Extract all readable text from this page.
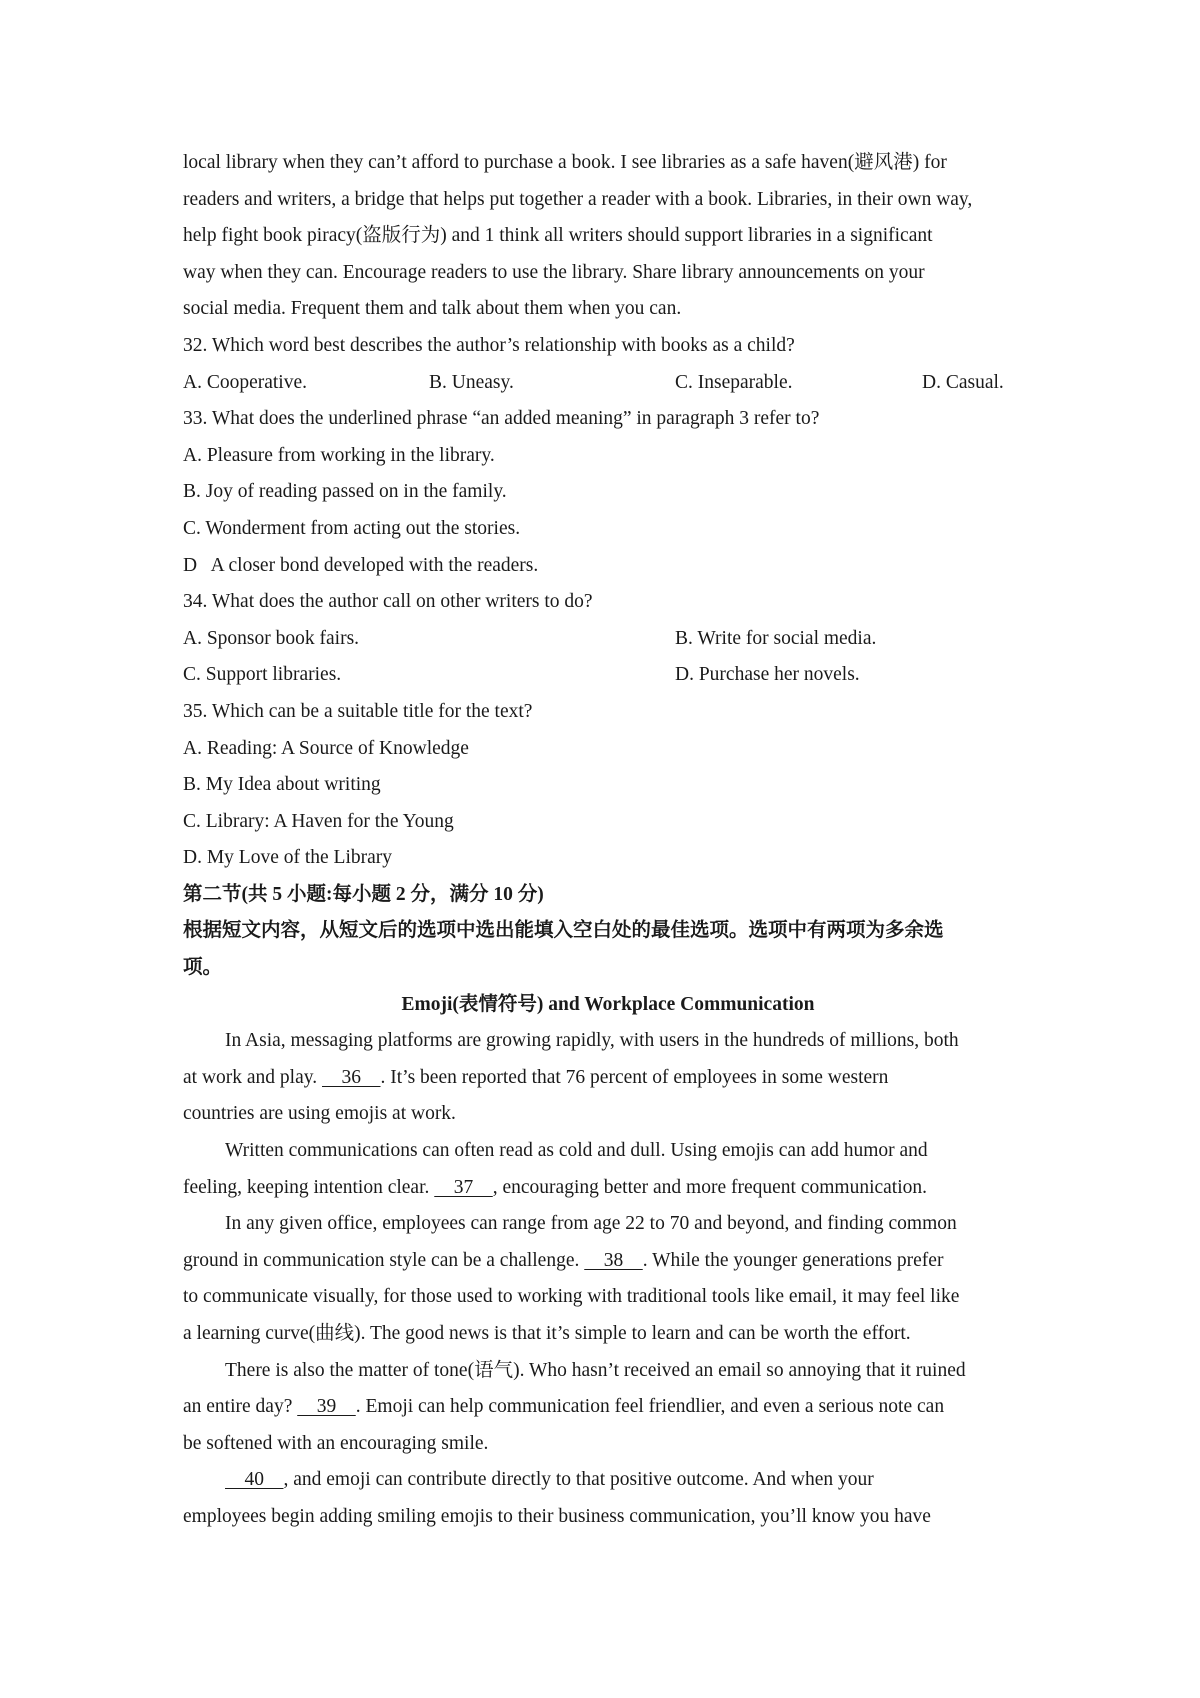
local library when they can’t afford to purchase a book. I see libraries as a safe haven(避风港) for
readers and writers, a bridge that helps put together a reader with a book. Libraries, in their own way,
help fight book piracy(盗版行为) and 1 think all writers should support libraries in a significant
way when they can. Encourage readers to use the library. Share library announcements on your
social media. Frequent them and talk about them when you can.
32. Which word best describes the author’s relationship with books as a child?
A. Cooperative.	B. Uneasy.	C. Inseparable.	D. Casual.
33. What does the underlined phrase “an added meaning” in paragraph 3 refer to?
A. Pleasure from working in the library.
B. Joy of reading passed on in the family.
C. Wonderment from acting out the stories.
D   A closer bond developed with the readers.
34. What does the author call on other writers to do?
A. Sponsor book fairs.	B. Write for social media.
C. Support libraries.	D. Purchase her novels.
35. Which can be a suitable title for the text?
A. Reading: A Source of Knowledge
B. My Idea about writing
C. Library: A Haven for the Young
D. My Love of the Library
第二节(共 5 小题:每小题 2 分，满分 10 分)
根据短文内容，从短文后的选项中选出能填入空白处的最佳选项。选项中有两项为多余选
项。
Emoji(表情符号) and Workplace Communication
In Asia, messaging platforms are growing rapidly, with users in the hundreds of millions, both
at work and play.     36    . It’s been reported that 76 percent of employees in some western
countries are using emojis at work.
Written communications can often read as cold and dull. Using emojis can add humor and
feeling, keeping intention clear.     37    , encouraging better and more frequent communication.
In any given office, employees can range from age 22 to 70 and beyond, and finding common
ground in communication style can be a challenge.     38    . While the younger generations prefer
to communicate visually, for those used to working with traditional tools like email, it may feel like
a learning curve(曲线). The good news is that it’s simple to learn and can be worth the effort.
There is also the matter of tone(语气). Who hasn’t received an email so annoying that it ruined
an entire day?     39    . Emoji can help communication feel friendlier, and even a serious note can
be softened with an encouraging smile.
40    , and emoji can contribute directly to that positive outcome. And when your
employees begin adding smiling emojis to their business communication, you’ll know you have
